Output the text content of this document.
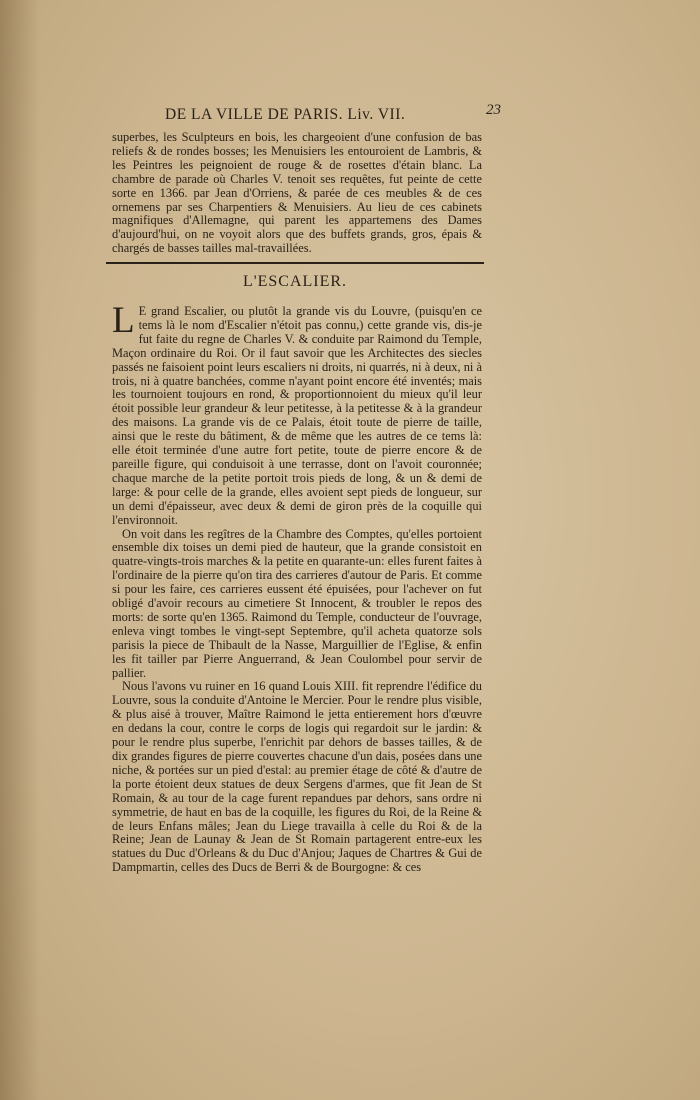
DE LA VILLE DE PARIS. Liv. VII.	23

superbes, les Sculpteurs en bois, les chargeoient d'une confusion de bas reliefs & de rondes bosses; les Menuisiers les entouroient de Lambris, & les Peintres les peignoient de rouge & de rosettes d'étain blanc. La chambre de parade où Charles V. tenoit ses requêtes, fut peinte de cette sorte en 1366. par Jean d'Orriens, & parée de ces meubles & de ces ornemens par ses Charpentiers & Menuisiers. Au lieu de ces cabinets magnifiques d'Allemagne, qui parent les appartemens des Dames d'aujourd'hui, on ne voyoit alors que des buffets grands, gros, épais & chargés de basses tailles mal-travaillées.

L'ESCALIER.

L E grand Escalier, ou plutôt la grande vis du Louvre, (puisqu'en ce tems là le nom d'Escalier n'étoit pas connu,) cette grande vis, dis-je fut faite du regne de Charles V. & conduite par Raimond du Temple, Maçon ordinaire du Roi. Or il faut savoir que les Architectes des siecles passés ne faisoient point leurs escaliers ni droits, ni quarrés, ni à deux, ni à trois, ni à quatre banchées, comme n'ayant point encore été inventés; mais les tournoient toujours en rond, & proportionnoient du mieux qu'il leur étoit possible leur grandeur & leur petitesse, à la petitesse & à la grandeur des maisons. La grande vis de ce Palais, étoit toute de pierre de taille, ainsi que le reste du bâtiment, & de même que les autres de ce tems là: elle étoit terminée d'une autre fort petite, toute de pierre encore & de pareille figure, qui conduisoit à une terrasse, dont on l'avoit couronnée; chaque marche de la petite portoit trois pieds de long, & un & demi de large: & pour celle de la grande, elles avoient sept pieds de longueur, sur un demi d'épaisseur, avec deux & demi de giron près de la coquille qui l'environnoit.

On voit dans les regîtres de la Chambre des Comptes, qu'elles portoient ensemble dix toises un demi pied de hauteur, que la grande consistoit en quatre-vingts-trois marches & la petite en quarante-un: elles furent faites à l'ordinaire de la pierre qu'on tira des carrieres d'autour de Paris. Et comme si pour les faire, ces carrieres eussent été épuisées, pour l'achever on fut obligé d'avoir recours au cimetiere St Innocent, & troubler le repos des morts: de sorte qu'en 1365. Raimond du Temple, conducteur de l'ouvrage, enleva vingt tombes le vingt-sept Septembre, qu'il acheta quatorze sols parisis la piece de Thibault de la Nasse, Marguillier de l'Eglise, & enfin les fit tailler par Pierre Anguerrand, & Jean Coulombel pour servir de pallier.

Nous l'avons vu ruiner en 16 quand Louis XIII. fit reprendre l'édifice du Louvre, sous la conduite d'Antoine le Mercier. Pour le rendre plus visible, & plus aisé à trouver, Maître Raimond le jetta entierement hors d'œuvre en dedans la cour, contre le corps de logis qui regardoit sur le jardin: & pour le rendre plus superbe, l'enrichit par dehors de basses tailles, & de dix grandes figures de pierre couvertes chacune d'un dais, posées dans une niche, & portées sur un pied d'estal: au premier étage de côté & d'autre de la porte étoient deux statues de deux Sergens d'armes, que fit Jean de St Romain, & au tour de la cage furent repandues par dehors, sans ordre ni symmetrie, de haut en bas de la coquille, les figures du Roi, de la Reine & de leurs Enfans mâles; Jean du Liege travailla à celle du Roi & de la Reine; Jean de Launay & Jean de St Romain partagerent entre-eux les statues du Duc d'Orleans & du Duc d'Anjou; Jaques de Chartres & Gui de Dampmartin, celles des Ducs de Berri & de Bourgogne: & ces
